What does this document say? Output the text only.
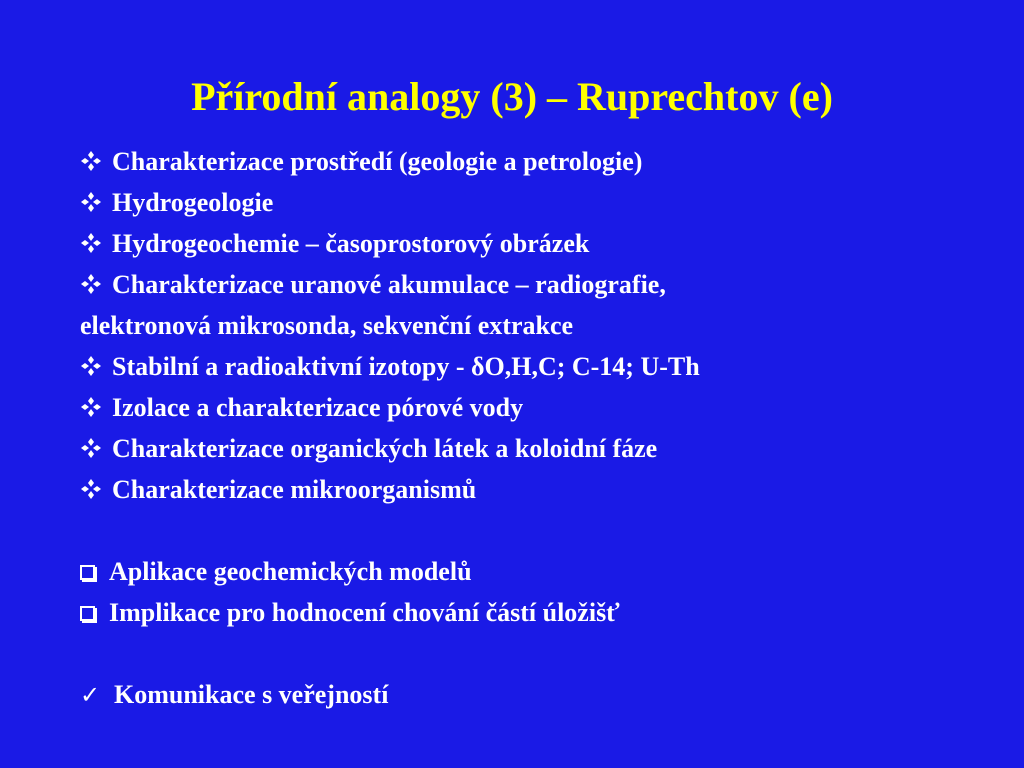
Přírodní analogy (3) – Ruprechtov (e)
Charakterizace prostředí (geologie a petrologie)
Hydrogeologie
Hydrogeochemie – časoprostorový obrázek
Charakterizace uranové akumulace – radiografie,
elektronová mikrosonda, sekvenční extrakce
Stabilní a radioaktivní izotopy - δO,H,C; C-14; U-Th
Izolace a charakterizace pórové vody
Charakterizace organických látek a koloidní fáze
Charakterizace mikroorganismů
Aplikace geochemických modelů
Implikace pro hodnocení chování částí úložišť
✓ Komunikace s veřejností
